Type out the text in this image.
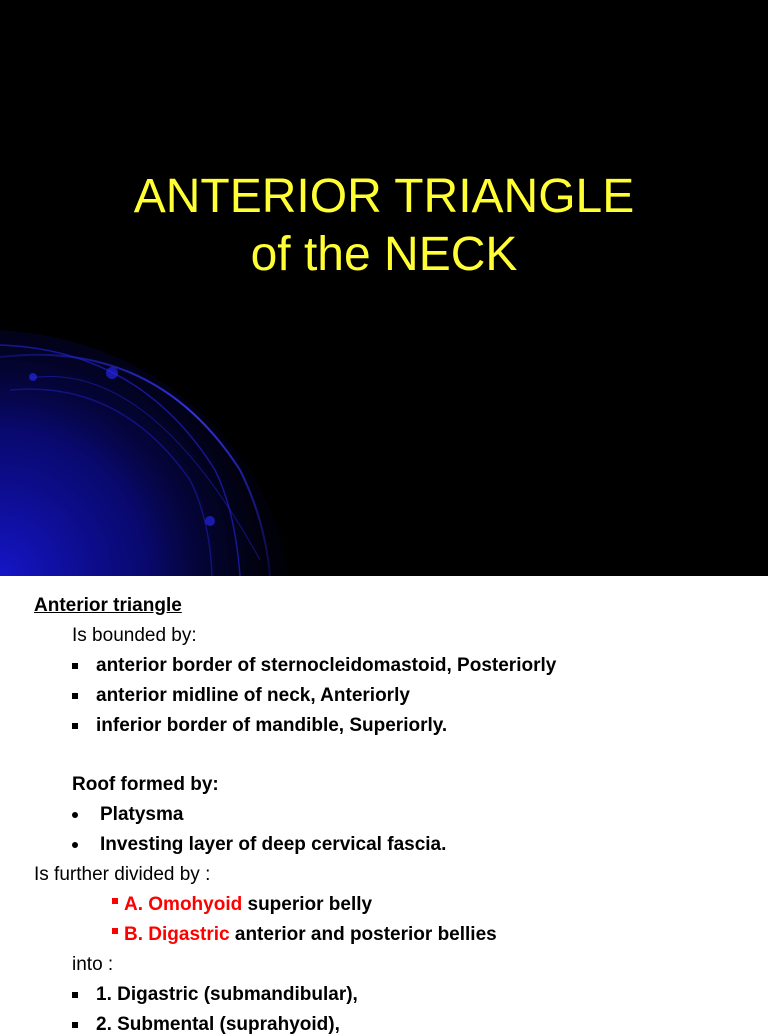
ANTERIOR TRIANGLE
of the NECK
Anterior triangle
Is bounded by:
anterior border of sternocleidomastoid, Posteriorly
anterior midline of neck, Anteriorly
inferior border of mandible, Superiorly.
Roof formed by:
Platysma
Investing layer of deep cervical fascia.
Is further divided by :
A. Omohyoid superior belly
B. Digastric anterior and posterior bellies
into :
1. Digastric (submandibular),
2. Submental (suprahyoid),
